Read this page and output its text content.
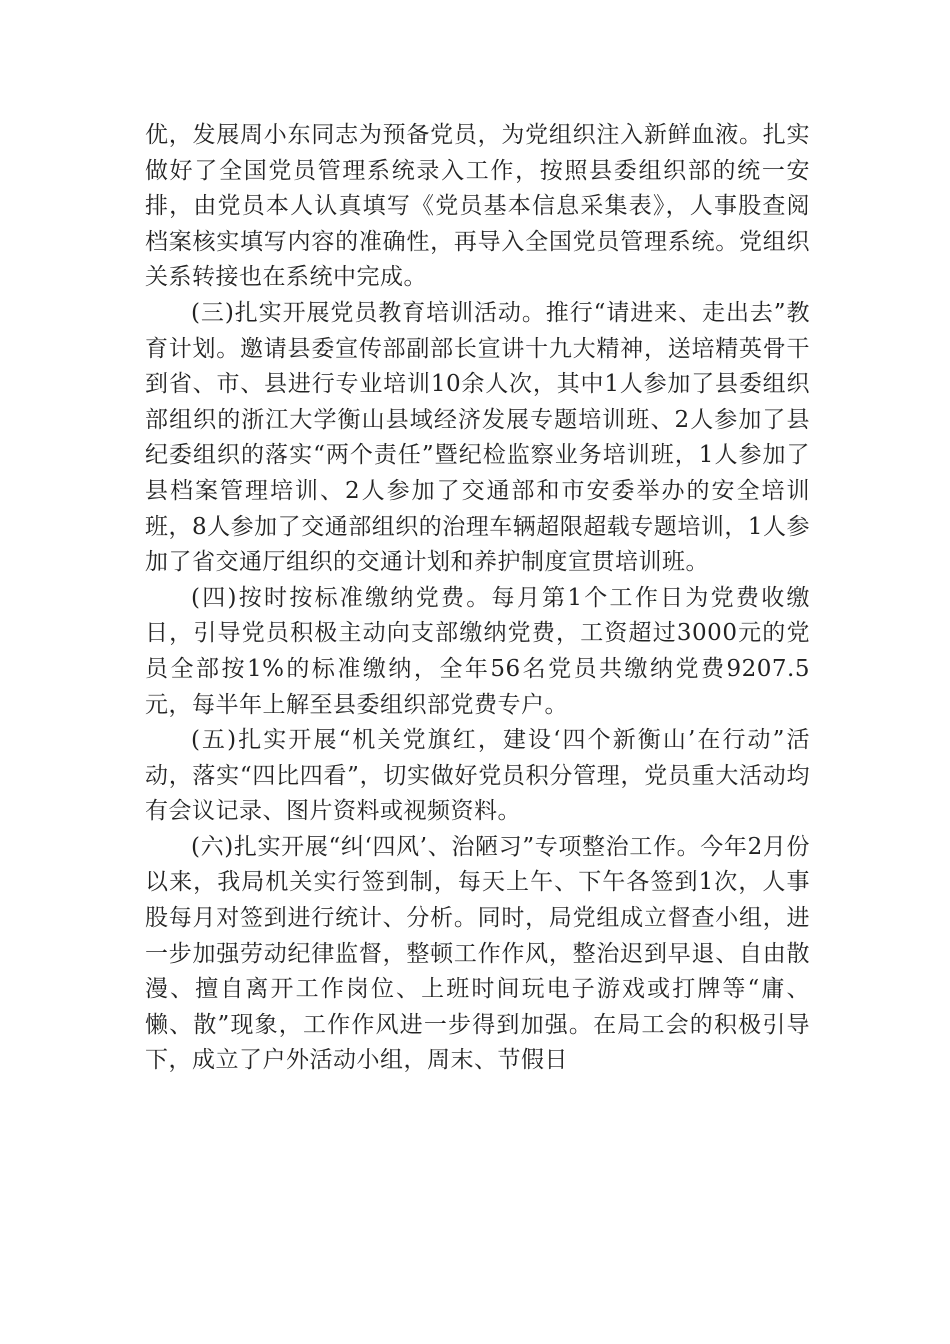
优，发展周小东同志为预备党员，为党组织注入新鲜血液。扎实做好了全国党员管理系统录入工作，按照县委组织部的统一安排，由党员本人认真填写《党员基本信息采集表》，人事股查阅档案核实填写内容的准确性，再导入全国党员管理系统。党组织关系转接也在系统中完成。

(三)扎实开展党员教育培训活动。推行“请进来、走出去”教育计划。邀请县委宣传部副部长宣讲十九大精神，送培精英骨干到省、市、县进行专业培训10余人次，其中1人参加了县委组织部组织的浙江大学衡山县域经济发展专题培训班、2人参加了县纪委组织的落实“两个责任”暨纪检监察业务培训班，1人参加了县档案管理培训、2人参加了交通部和市安委举办的安全培训班，8人参加了交通部组织的治理车辆超限超载专题培训，1人参加了省交通厅组织的交通计划和养护制度宣贯培训班。

(四)按时按标准缴纳党费。每月第1个工作日为党费收缴日，引导党员积极主动向支部缴纳党费，工资超过3000元的党员全部按1%的标准缴纳，全年56名党员共缴纳党费9207.5元，每半年上解至县委组织部党费专户。

(五)扎实开展“机关党旗红，建设‘四个新衡山’在行动”活动，落实“四比四看”，切实做好党员积分管理，党员重大活动均有会议记录、图片资料或视频资料。

(六)扎实开展“纠‘四风’、治陋习”专项整治工作。今年2月份以来，我局机关实行签到制，每天上午、下午各签到1次，人事股每月对签到进行统计、分析。同时，局党组成立督查小组，进一步加强劳动纪律监督，整顿工作作风，整治迟到早退、自由散漫、擅自离开工作岗位、上班时间玩电子游戏或打牌等“庸、懒、散”现象，工作作风进一步得到加强。在局工会的积极引导下，成立了户外活动小组，周末、节假日
